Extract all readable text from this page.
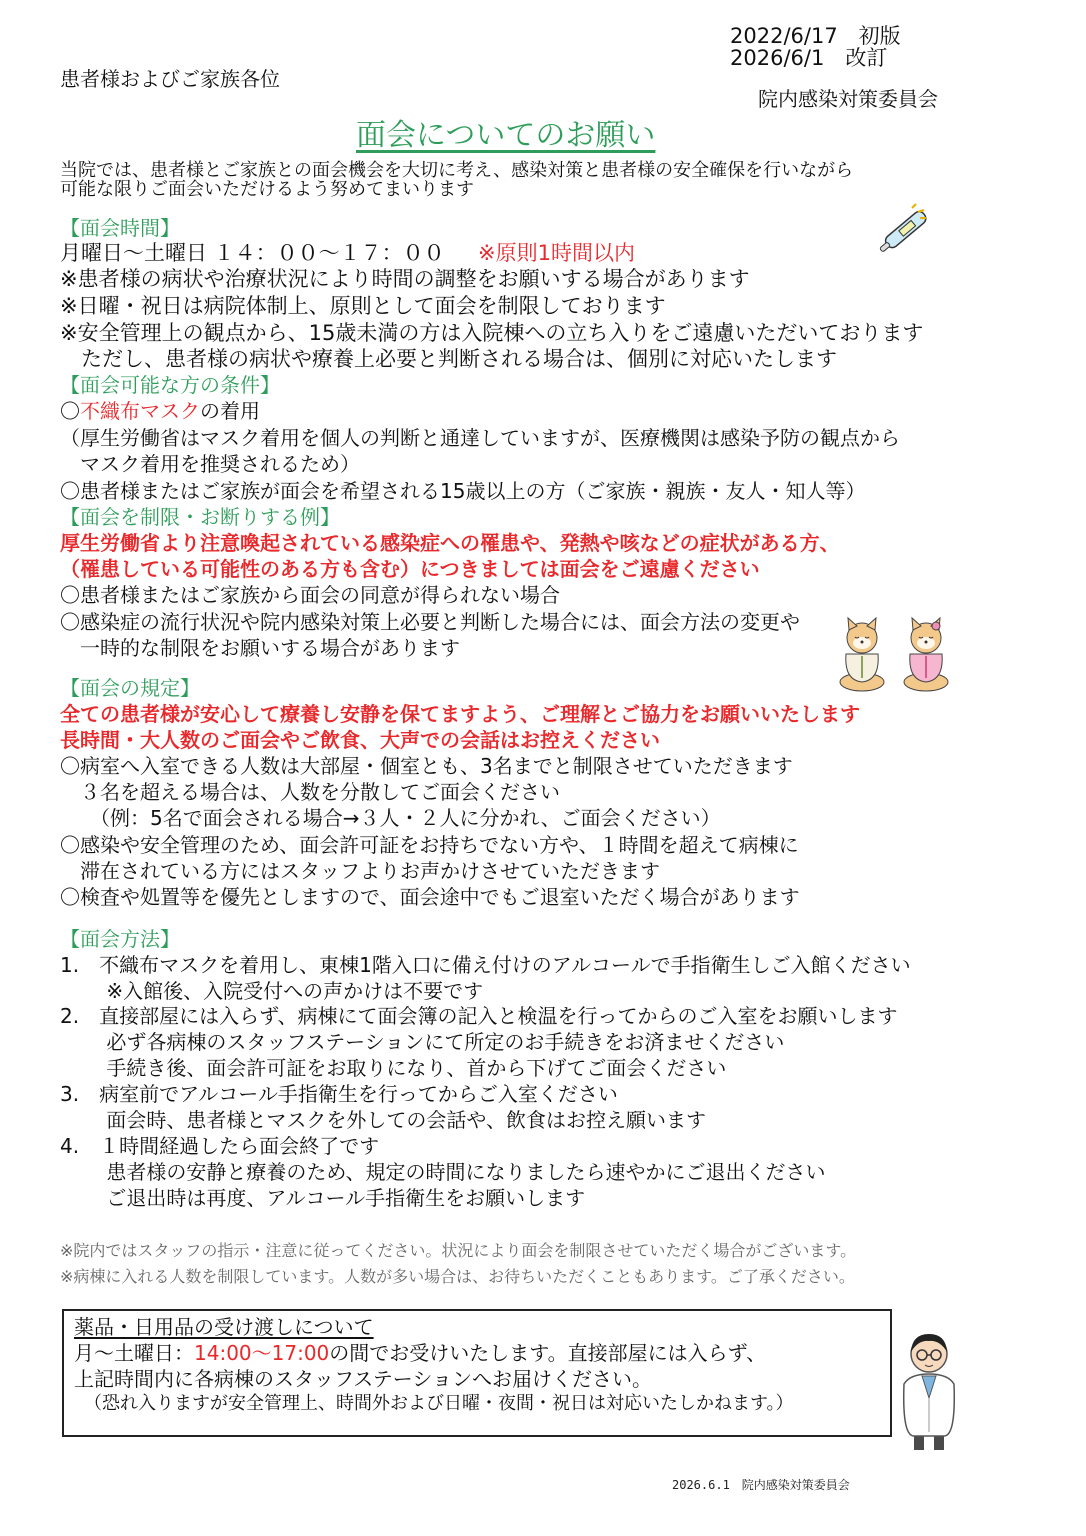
2022/6/17　初版
2026/6/1　改訂
患者様およびご家族各位
院内感染対策委員会
面会についてのお願い
当院では、患者様とご家族との面会機会を大切に考え、感染対策と患者様の安全確保を行いながら
可能な限りご面会いただけるよう努めてまいります
【面会時間】
月曜日～土曜日 １４：００～１７：００ ※原則1時間以内
※患者様の病状や治療状況により時間の調整をお願いする場合があります
※日曜・祝日は病院体制上、原則として面会を制限しております
※安全管理上の観点から、15歳未満の方は入院棟への立ち入りをご遠慮いただいております
　ただし、患者様の病状や療養上必要と判断される場合は、個別に対応いたします
【面会可能な方の条件】
〇不織布マスクの着用
（厚生労働省はマスク着用を個人の判断と通達していますが、医療機関は感染予防の観点から
　マスク着用を推奨されるため）
〇患者様またはご家族が面会を希望される15歳以上の方（ご家族・親族・友人・知人等）
【面会を制限・お断りする例】
厚生労働省より注意喚起されている感染症への罹患や、発熱や咳などの症状がある方、
（罹患している可能性のある方も含む）につきましては面会をご遠慮ください
〇患者様またはご家族から面会の同意が得られない場合
〇感染症の流行状況や院内感染対策上必要と判断した場合には、面会方法の変更や
　一時的な制限をお願いする場合があります
【面会の規定】
全ての患者様が安心して療養し安静を保てますよう、ご理解とご協力をお願いいたします
長時間・大人数のご面会やご飲食、大声での会話はお控えください
〇病室へ入室できる人数は大部屋・個室とも、3名までと制限させていただきます
　３名を超える場合は、人数を分散してご面会ください
　　（例：5名で面会される場合→３人・２人に分かれ、ご面会ください）
〇感染や安全管理のため、面会許可証をお持ちでない方や、１時間を超えて病棟に
　滞在されている方にはスタッフよりお声かけさせていただきます
〇検査や処置等を優先としますので、面会途中でもご退室いただく場合があります
【面会方法】
1.　不織布マスクを着用し、東棟1階入口に備え付けのアルコールで手指衛生しご入館ください
　　 ※入館後、入院受付への声かけは不要です
2.　直接部屋には入らず、病棟にて面会簿の記入と検温を行ってからのご入室をお願いします
　　 必ず各病棟のスタッフステーションにて所定のお手続きをお済ませください
　　 手続き後、面会許可証をお取りになり、首から下げてご面会ください
3.　病室前でアルコール手指衛生を行ってからご入室ください
　　 面会時、患者様とマスクを外しての会話や、飲食はお控え願います
4.　１時間経過したら面会終了です
　　 患者様の安静と療養のため、規定の時間になりましたら速やかにご退出ください
　　 ご退出時は再度、アルコール手指衛生をお願いします
※院内ではスタッフの指示・注意に従ってください。状況により面会を制限させていただく場合がございます。
※病棟に入れる人数を制限しています。人数が多い場合は、お待ちいただくこともあります。ご了承ください。
薬品・日用品の受け渡しについて
月～土曜日：14:00～17:00の間でお受けいたします。直接部屋には入らず、
上記時間内に各病棟のスタッフステーションへお届けください。
（恐れ入りますが安全管理上、時間外および日曜・夜間・祝日は対応いたしかねます。）
2026.6.1　院内感染対策委員会
